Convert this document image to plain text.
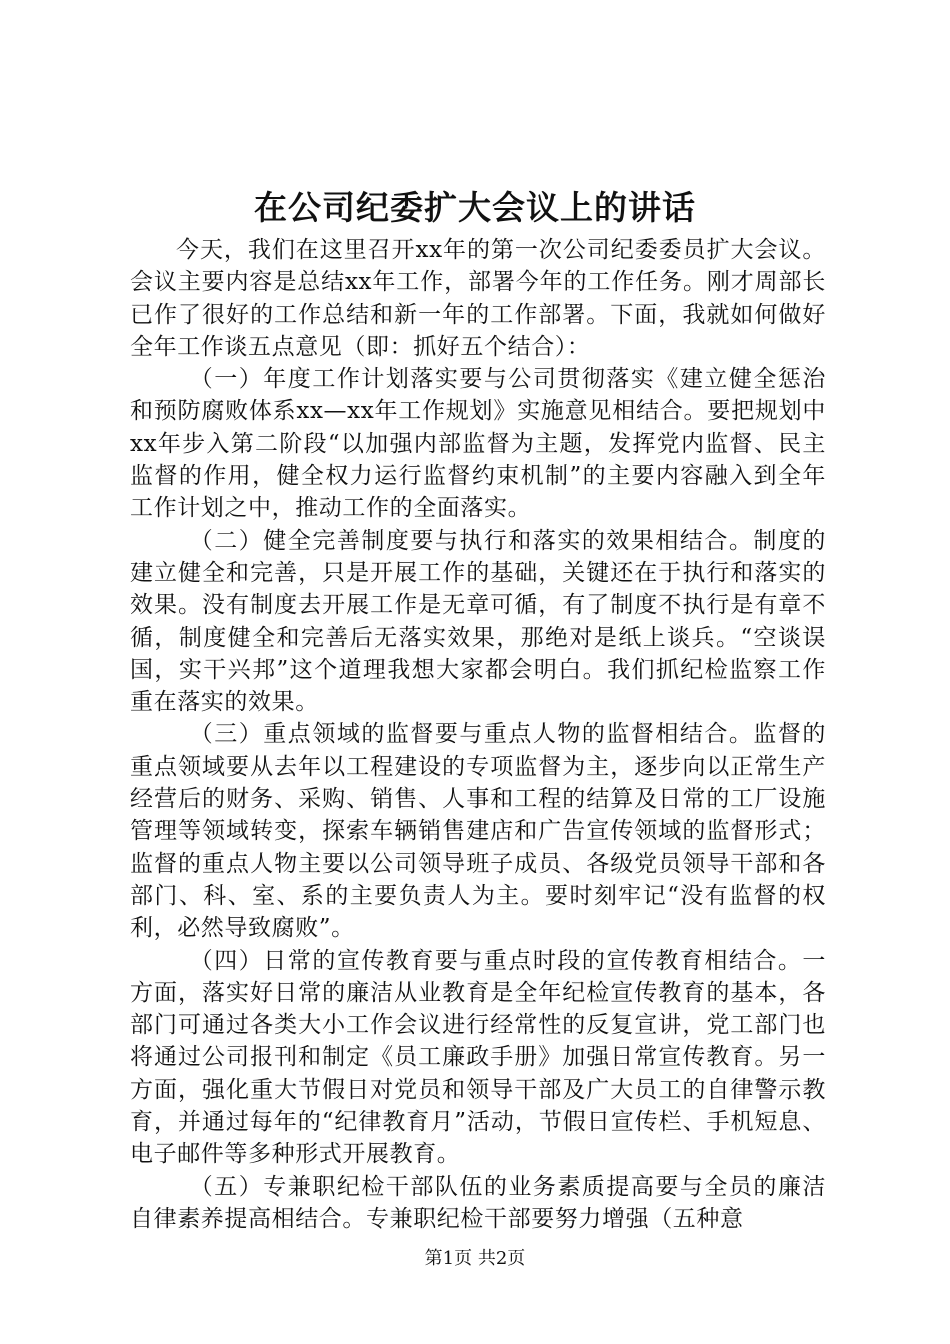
在公司纪委扩大会议上的讲话

今天，我们在这里召开xx年的第一次公司纪委委员扩大会议。会议主要内容是总结xx年工作，部署今年的工作任务。刚才周部长已作了很好的工作总结和新一年的工作部署。下面，我就如何做好全年工作谈五点意见（即：抓好五个结合）：

（一）年度工作计划落实要与公司贯彻落实《建立健全惩治和预防腐败体系xx—xx年工作规划》实施意见相结合。要把规划中xx年步入第二阶段“以加强内部监督为主题，发挥党内监督、民主监督的作用，健全权力运行监督约束机制”的主要内容融入到全年工作计划之中，推动工作的全面落实。

（二）健全完善制度要与执行和落实的效果相结合。制度的建立健全和完善，只是开展工作的基础，关键还在于执行和落实的效果。没有制度去开展工作是无章可循，有了制度不执行是有章不循，制度健全和完善后无落实效果，那绝对是纸上谈兵。“空谈误国，实干兴邦”这个道理我想大家都会明白。我们抓纪检监察工作重在落实的效果。

（三）重点领域的监督要与重点人物的监督相结合。监督的重点领域要从去年以工程建设的专项监督为主，逐步向以正常生产经营后的财务、采购、销售、人事和工程的结算及日常的工厂设施管理等领域转变，探索车辆销售建店和广告宣传领域的监督形式；监督的重点人物主要以公司领导班子成员、各级党员领导干部和各部门、科、室、系的主要负责人为主。要时刻牢记“没有监督的权利，必然导致腐败”。

（四）日常的宣传教育要与重点时段的宣传教育相结合。一方面，落实好日常的廉洁从业教育是全年纪检宣传教育的基本，各部门可通过各类大小工作会议进行经常性的反复宣讲，党工部门也将通过公司报刊和制定《员工廉政手册》加强日常宣传教育。另一方面，强化重大节假日对党员和领导干部及广大员工的自律警示教育，并通过每年的“纪律教育月”活动，节假日宣传栏、手机短息、电子邮件等多种形式开展教育。

（五）专兼职纪检干部队伍的业务素质提高要与全员的廉洁自律素养提高相结合。专兼职纪检干部要努力增强（五种意

第1页 共2页
